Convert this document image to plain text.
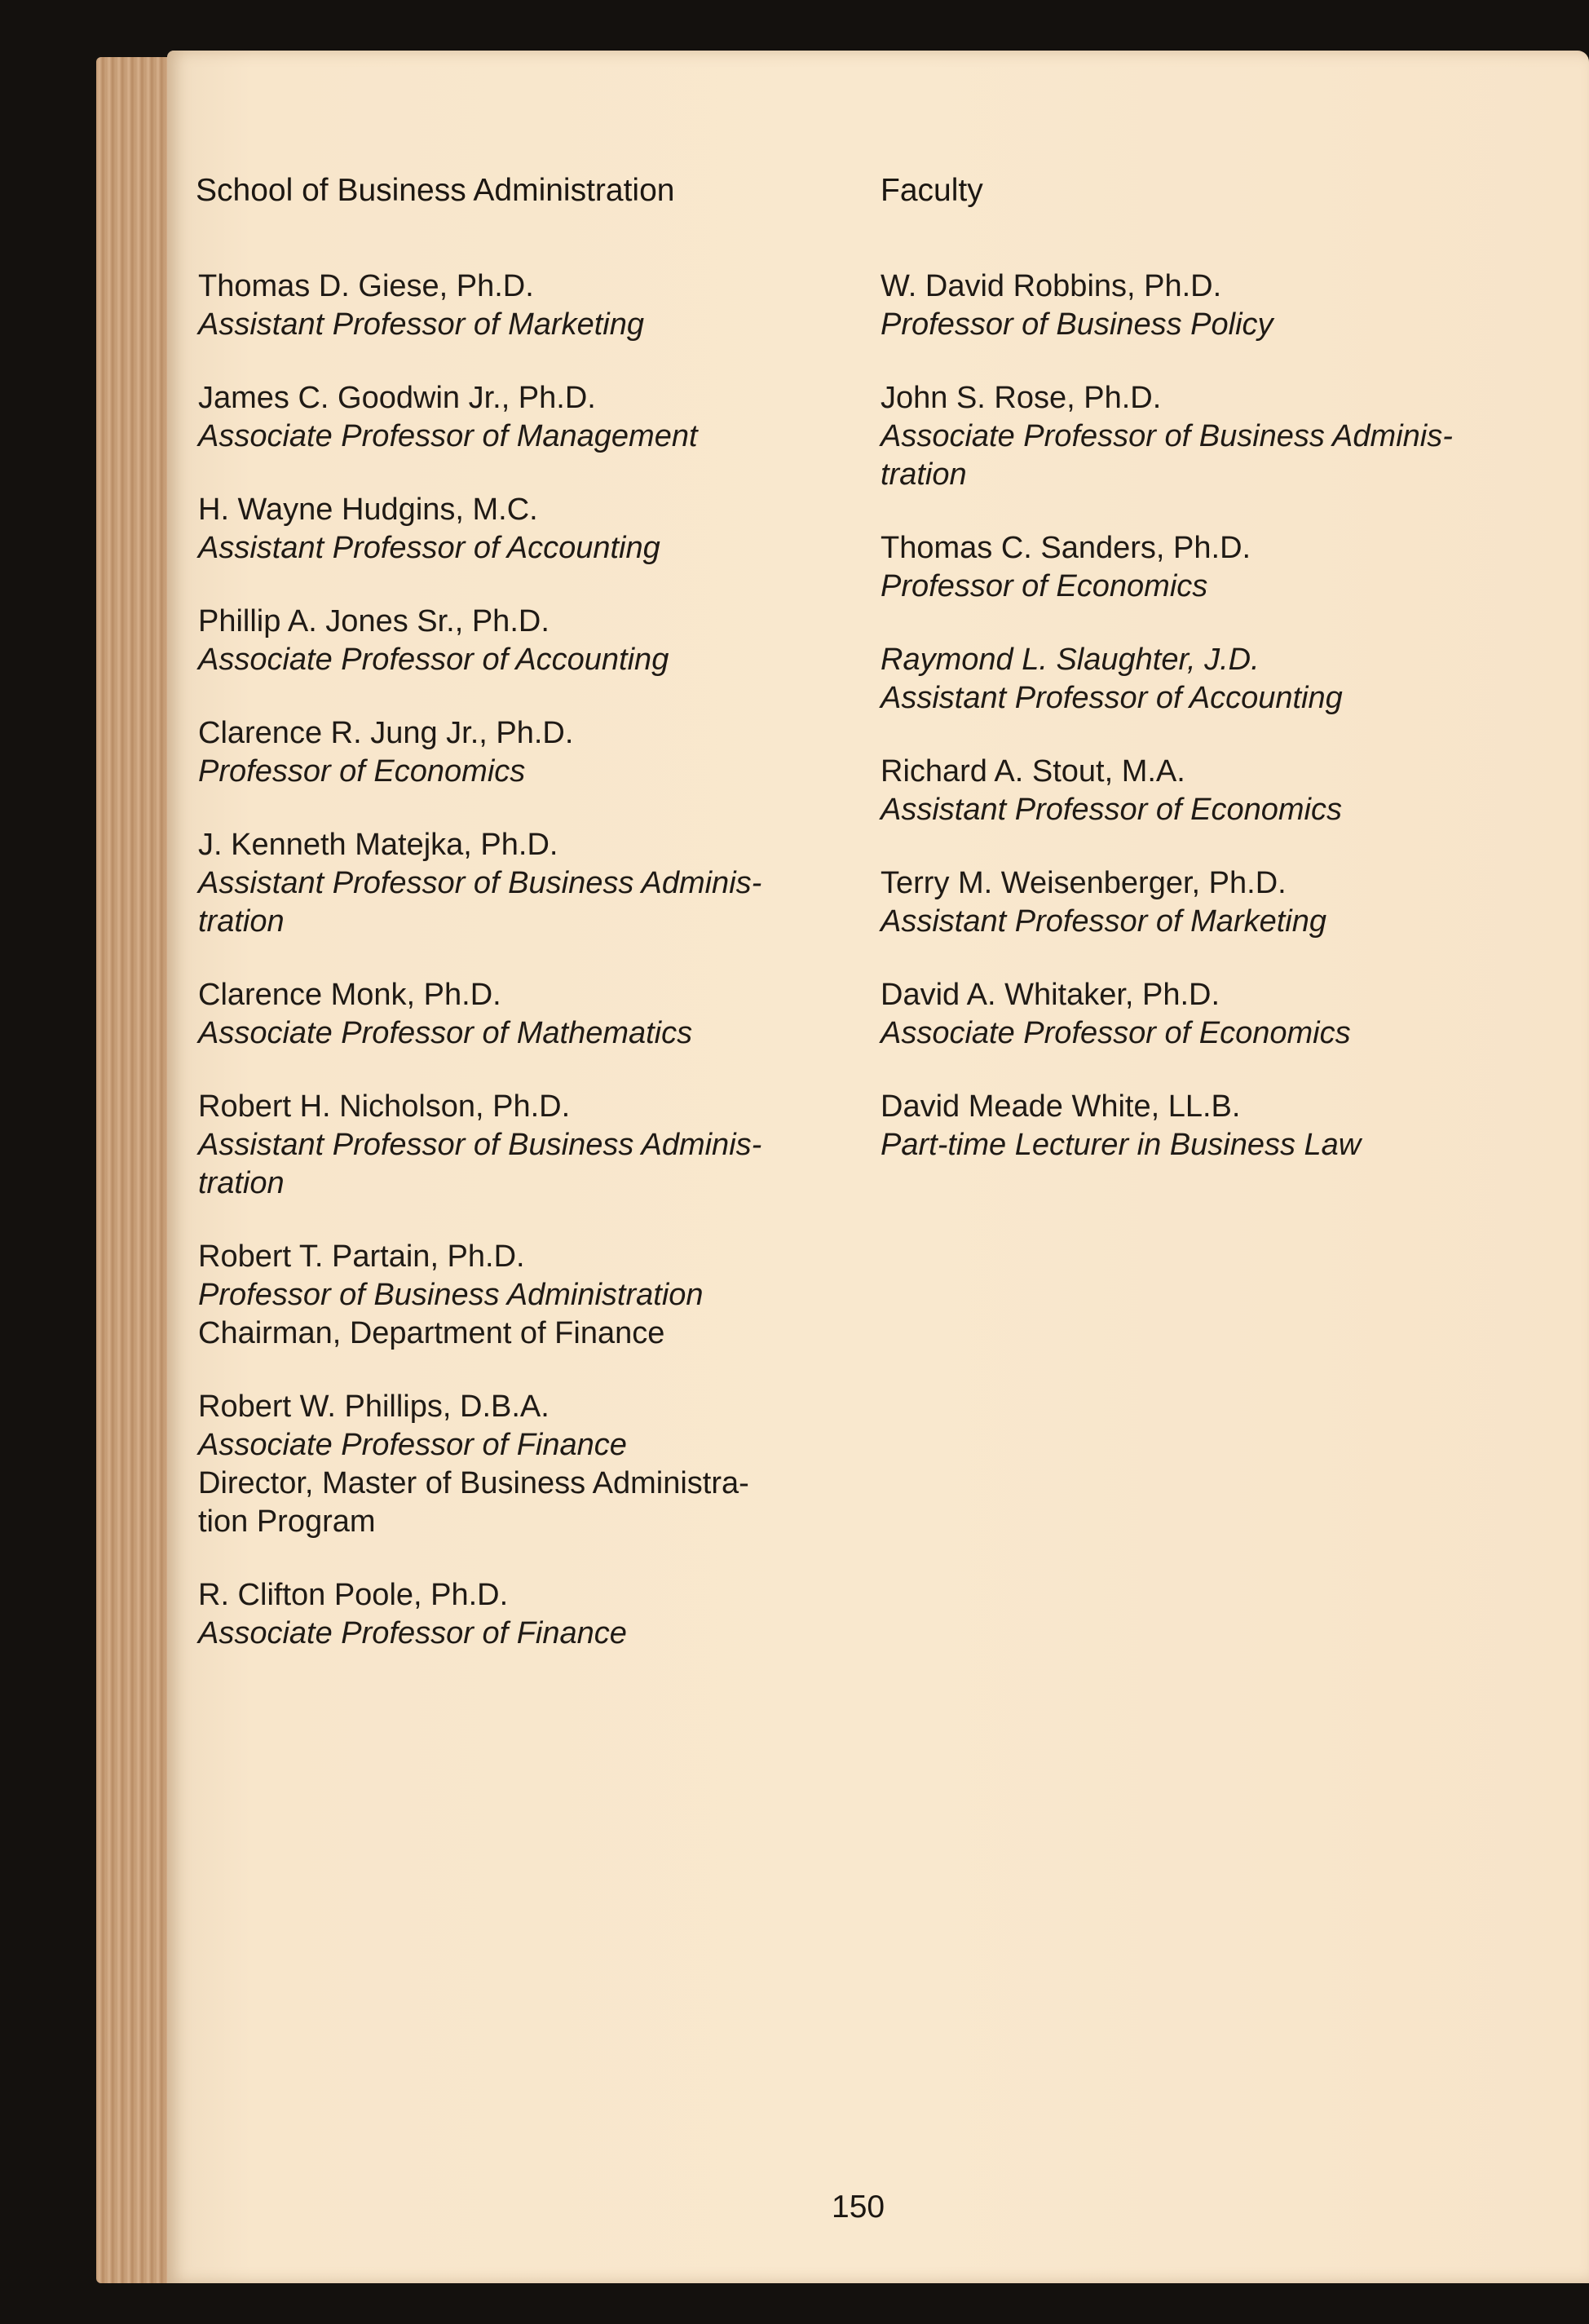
School of Business Administration	Faculty
Thomas D. Giese, Ph.D.
Assistant Professor of Marketing
James C. Goodwin Jr., Ph.D.
Associate Professor of Management
H. Wayne Hudgins, M.C.
Assistant Professor of Accounting
Phillip A. Jones Sr., Ph.D.
Associate Professor of Accounting
Clarence R. Jung Jr., Ph.D.
Professor of Economics
J. Kenneth Matejka, Ph.D.
Assistant Professor of Business Adminis-
tration
Clarence Monk, Ph.D.
Associate Professor of Mathematics
Robert H. Nicholson, Ph.D.
Assistant Professor of Business Adminis-
tration
Robert T. Partain, Ph.D.
Professor of Business Administration
Chairman, Department of Finance
Robert W. Phillips, D.B.A.
Associate Professor of Finance
Director, Master of Business Administra-
tion Program
R. Clifton Poole, Ph.D.
Associate Professor of Finance
W. David Robbins, Ph.D.
Professor of Business Policy
John S. Rose, Ph.D.
Associate Professor of Business Adminis-
tration
Thomas C. Sanders, Ph.D.
Professor of Economics
Raymond L. Slaughter, J.D.
Assistant Professor of Accounting
Richard A. Stout, M.A.
Assistant Professor of Economics
Terry M. Weisenberger, Ph.D.
Assistant Professor of Marketing
David A. Whitaker, Ph.D.
Associate Professor of Economics
David Meade White, LL.B.
Part-time Lecturer in Business Law
150
